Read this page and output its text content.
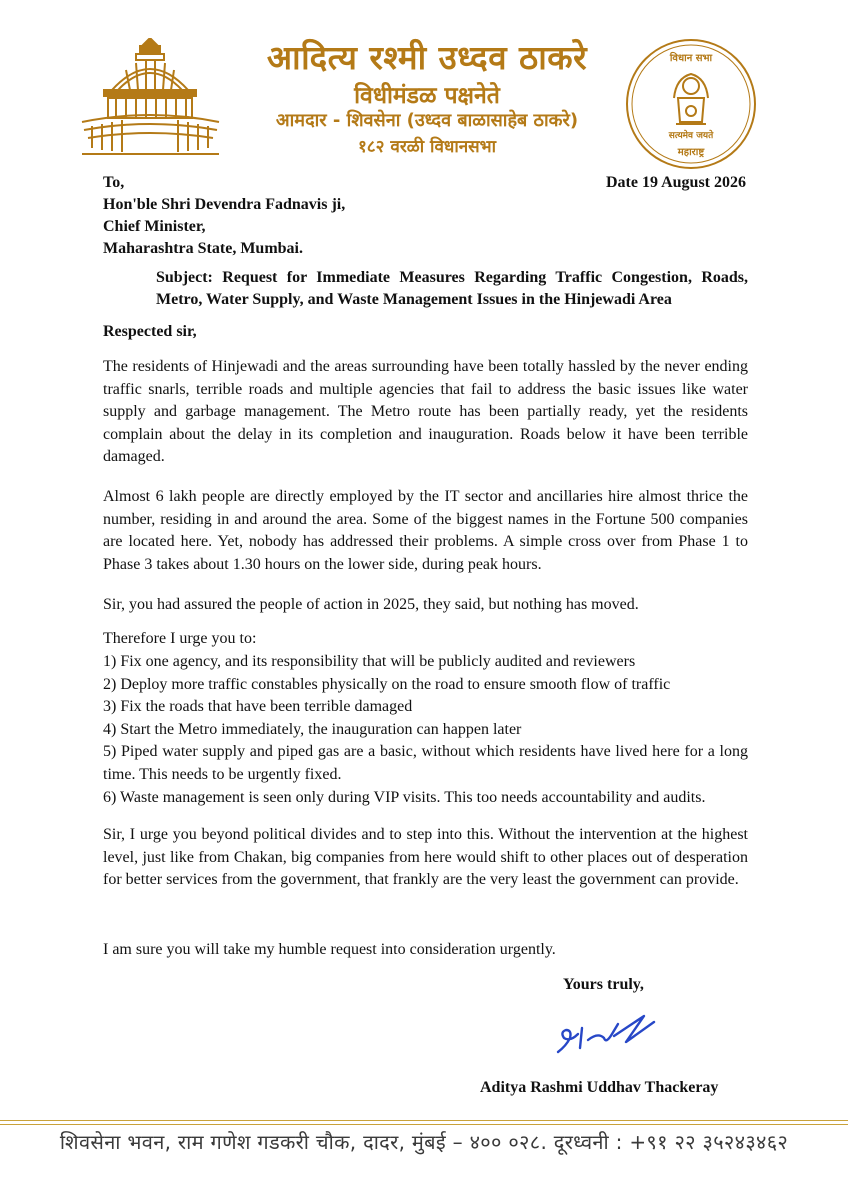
आदित्य रश्मी उध्दव ठाकरे
विधीमंडळ पक्षनेते
आमदार - शिवसेना (उध्दव बाळासाहेब ठाकरे)
१८२ वरळी विधानसभा
विधान सभा
सत्यमेव जयते
महाराष्ट्र
Date 19 August 2026
To,
Hon'ble Shri Devendra Fadnavis ji,
Chief Minister,
Maharashtra State, Mumbai.
Subject: Request for Immediate Measures Regarding Traffic Congestion, Roads,
Metro, Water Supply, and Waste Management Issues in the Hinjewadi Area
Respected sir,
The residents of Hinjewadi and the areas surrounding have been totally hassled by the never ending traffic snarls, terrible roads and multiple agencies that fail to address the basic issues like water supply and garbage management. The Metro route has been partially ready, yet the residents complain about the delay in its completion and inauguration. Roads below it have been terrible damaged.
Almost 6 lakh people are directly employed by the IT sector and ancillaries hire almost thrice the number, residing in and around the area. Some of the biggest names in the Fortune 500 companies are located here. Yet, nobody has addressed their problems. A simple cross over from Phase 1 to Phase 3 takes about 1.30 hours on the lower side, during peak hours.
Sir, you had assured the people of action in 2025, they said, but nothing has moved.
Therefore I urge you to:
1) Fix one agency, and its responsibility that will be publicly audited and reviewers
2) Deploy more traffic constables physically on the road to ensure smooth flow of traffic
3) Fix the roads that have been terrible damaged
4) Start the Metro immediately, the inauguration can happen later
5) Piped water supply and piped gas are a basic, without which residents have lived here for a long time. This needs to be urgently fixed.
6) Waste management is seen only during VIP visits. This too needs accountability and audits.
Sir, I urge you beyond political divides and to step into this. Without the intervention at the highest level, just like from Chakan, big companies from here would shift to other places out of desperation for better services from the government, that frankly are the very least the government can provide.
I am sure you will take my humble request into consideration urgently.
Yours truly,
Aditya Rashmi Uddhav Thackeray
शिवसेना भवन, राम गणेश गडकरी चौक, दादर, मुंबई – ४०० ०२८. दूरध्वनी : +९१ २२ ३५२४३४६२
